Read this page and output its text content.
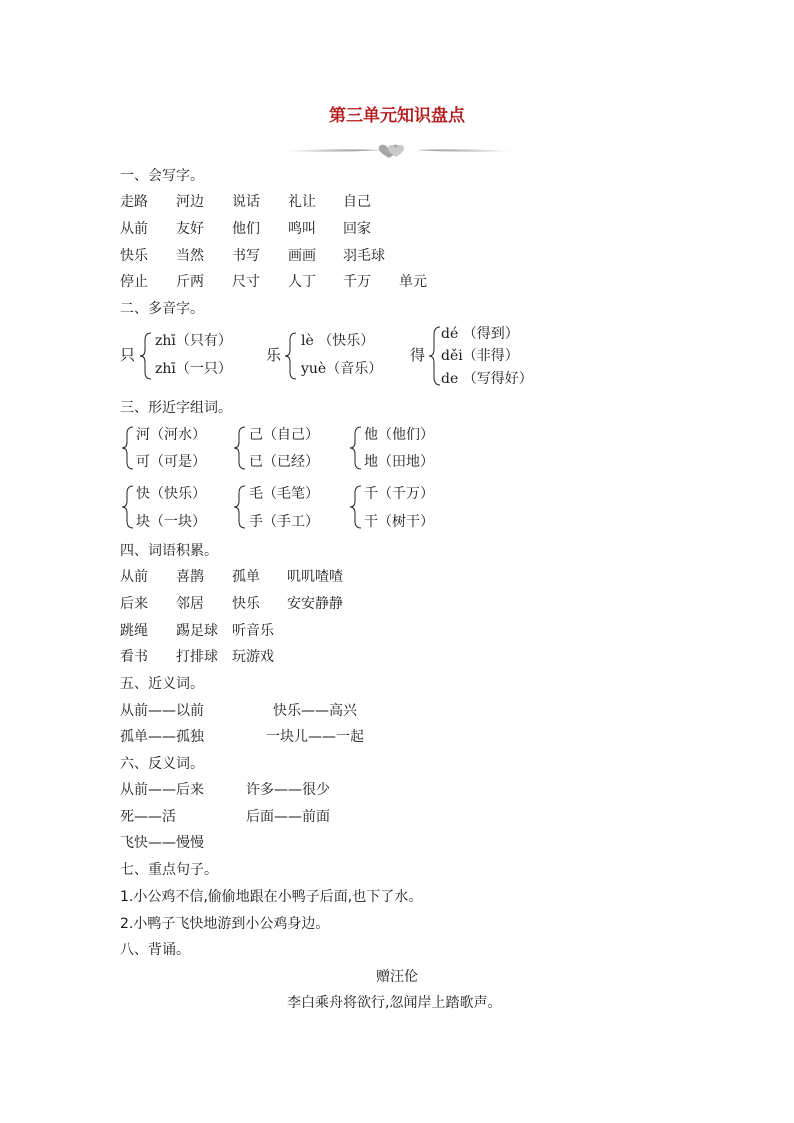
第三单元知识盘点
一、会写字。
走路 河边 说话 礼让 自己
从前 友好 他们 鸣叫 回家
快乐 当然 书写 画画 羽毛球
停止 斤两 尺寸 人丁 千万 单元
二、多音字。
只
zhī（只有）
zhī（一只）
乐
lè （快乐）
yuè（音乐）
得
dé （得到）
děi（非得）
de （写得好）
三、形近字组词。
河（河水）
可（可是）
己（自己）
已（已经）
他（他们）
地（田地）
快（快乐）
块（一块）
毛（毛笔）
手（手工）
千（千万）
干（树干）
四、词语积累。
从前 喜鹊 孤单 叽叽喳喳
后来 邻居 快乐 安安静静
跳绳 踢足球 听音乐
看书 打排球 玩游戏
五、近义词。
从前——以前	快乐——高兴
孤单——孤独	一块儿——一起
六、反义词。
从前——后来	许多——很少
死——活	后面——前面
飞快——慢慢
七、重点句子。
1.小公鸡不信,偷偷地跟在小鸭子后面,也下了水。
2.小鸭子飞快地游到小公鸡身边。
八、背诵。
赠汪伦
李白乘舟将欲行,忽闻岸上踏歌声。
